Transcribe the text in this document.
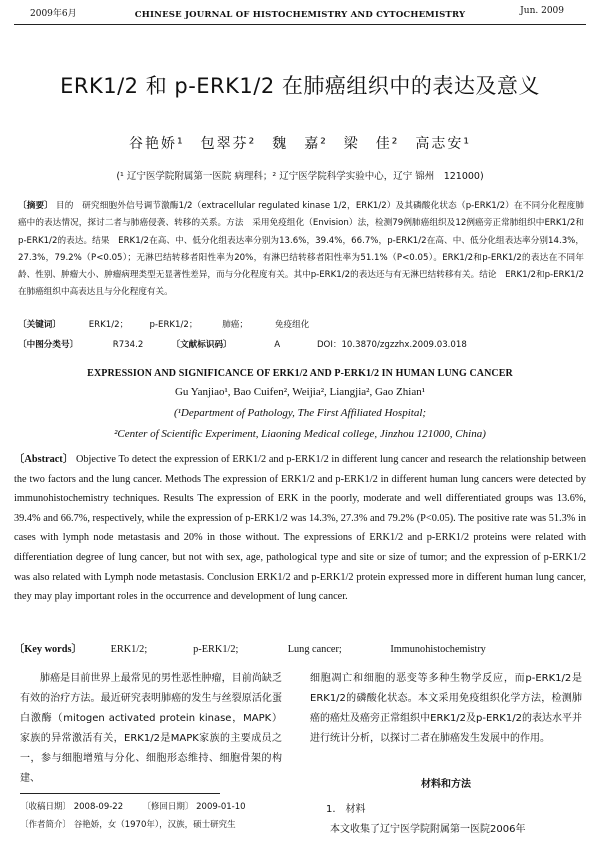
2009年6月	CHINESE JOURNAL OF HISTOCHEMISTRY AND CYTOCHEMISTRY	Jun. 2009
ERK1/2 和 p-ERK1/2 在肺癌组织中的表达及意义
谷艳娇¹　包翠芬²　魏　嘉²　梁　佳²　高志安¹
(¹ 辽宁医学院附属第一医院 病理科；² 辽宁医学院科学实验中心，辽宁 锦州　121000)
〔摘要〕 目的　研究细胞外信号调节激酶1/2（extracellular regulated kinase 1/2，ERK1/2）及其磷酸化状态（p-ERK1/2）在不同分化程度肺癌中的表达情况，探讨二者与肺癌侵袭、转移的关系。方法　采用免疫组化（Envision）法，检测79例肺癌组织及12例癌旁正常肺组织中ERK1/2和p-ERK1/2的表达。结果　ERK1/2在高、中、低分化组表达率分别为13.6%，39.4%，66.7%，p-ERK1/2在高、中、低分化组表达率分别14.3%，27.3%，79.2%（P<0.05）；无淋巴结转移者阳性率为20%，有淋巴结转移者阳性率为51.1%（P<0.05）。ERK1/2和p-ERK1/2的表达在不同年龄、性别、肿瘤大小、肿瘤病理类型无显著性差异，而与分化程度有关。其中p-ERK1/2的表达还与有无淋巴结转移有关。结论　ERK1/2和p-ERK1/2在肺癌组织中高表达且与分化程度有关。
〔关键词〕	ERK1/2； p-ERK1/2；	肺癌；	免疫组化
〔中图分类号〕	R734.2	〔文献标识码〕	A	DOI：10.3870/zgzzhx.2009.03.018
EXPRESSION AND SIGNIFICANCE OF ERK1/2 AND P-ERK1/2 IN HUMAN LUNG CANCER
Gu Yanjiao¹, Bao Cuifen², Weijia², Liangjia², Gao Zhian¹
(¹Department of Pathology, The First Affiliated Hospital;
²Center of Scientific Experiment, Liaoning Medical college, Jinzhou 121000, China)
〔Abstract〕 Objective To detect the expression of ERK1/2 and p-ERK1/2 in different lung cancer and research the relationship between the two factors and the lung cancer. Methods The expression of ERK1/2 and p-ERK1/2 in different human lung cancers were detected by immunohistochemistry techniques. Results The expression of ERK in the poorly, moderate and well differentiated groups was 13.6%, 39.4% and 66.7%, respectively, while the expression of p-ERK1/2 was 14.3%, 27.3% and 79.2% (P<0.05). The positive rate was 51.3% in cases with lymph node metastasis and 20% in those without. The expressions of ERK1/2 and p-ERK1/2 proteins were related with differentiation degree of lung cancer, but not with sex, age, pathological type and site or size of tumor; and the expression of p-ERK1/2 was also related with Lymph node metastasis. Conclusion ERK1/2 and p-ERK1/2 protein expressed more in different human lung cancer, they may play important roles in the occurrence and development of lung cancer.
〔Key words〕	ERK1/2;	p-ERK1/2;	Lung cancer;	Immunohistochemistry
肺癌是目前世界上最常见的男性恶性肿瘤，目前尚缺乏有效的治疗方法。最近研究表明肺癌的发生与丝裂原活化蛋白激酶（mitogen activated protein kinase，MAPK）家族的异常激活有关，ERK1/2是MAPK家族的主要成员之一，参与细胞增殖与分化、细胞形态维持、细胞骨架的构建、
细胞凋亡和细胞的恶变等多种生物学反应，而p-ERK1/2是ERK1/2的磷酸化状态。本文采用免疫组织化学方法，检测肺癌的癌灶及癌旁正常组织中ERK1/2及p-ERK1/2的表达水平并进行统计分析，以探讨二者在肺癌发生发展中的作用。
材料和方法
1.　材料
本文收集了辽宁医学院附属第一医院2006年
〔收稿日期〕 2008-09-22 〔修回日期〕 2009-01-10
〔作者简介〕 谷艳娇，女（1970年），汉族，硕士研究生
